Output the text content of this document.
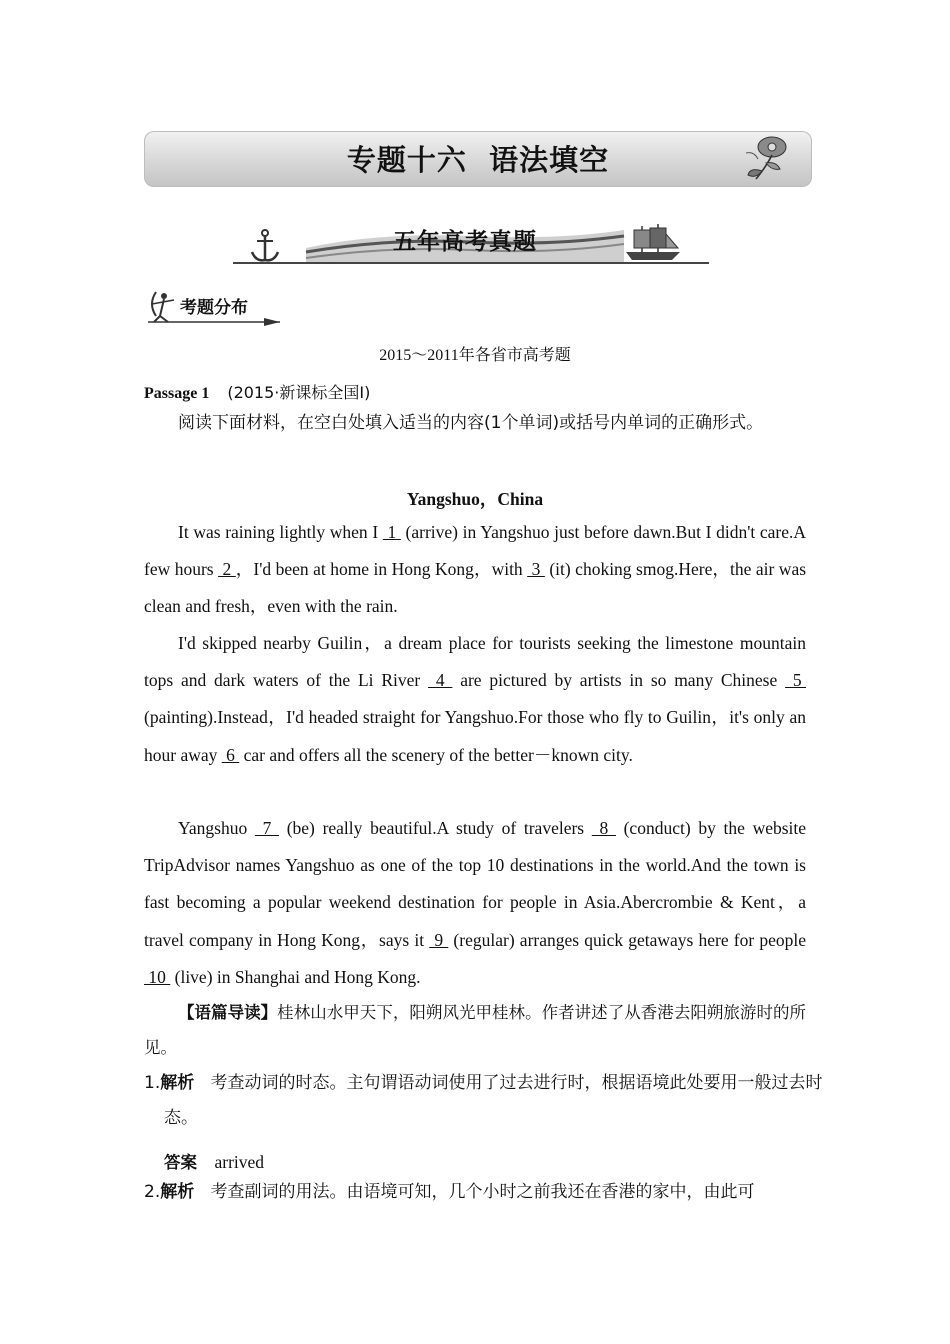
专题十六  语法填空
五年高考真题
考题分布
2015～2011年各省市高考题
Passage 1 (2015·新课标全国Ⅰ)
阅读下面材料，在空白处填入适当的内容(1个单词)或括号内单词的正确形式。
Yangshuo，China
It was raining lightly when I  1  (arrive) in Yangshuo just before dawn.But I didn't care.A few hours  2 ，I'd been at home in Hong Kong，with  3  (it) choking smog.Here，the air was clean and fresh，even with the rain.
I'd skipped nearby Guilin，a dream place for tourists seeking the limestone mountain tops and dark waters of the Li River  4  are pictured by artists in so many Chinese  5  (painting).Instead，I'd headed straight for Yangshuo.For those who fly to Guilin，it's only an hour away  6  car and offers all the scenery of the better－known city.
Yangshuo  7  (be) really beautiful.A study of travelers  8  (conduct) by the website TripAdvisor names Yangshuo as one of the top 10 destinations in the world.And the town is fast becoming a popular weekend destination for people in Asia.Abercrombie & Kent，a travel company in Hong Kong，says it  9  (regular) arranges quick getaways here for people  10  (live) in Shanghai and Hong Kong.
【语篇导读】桂林山水甲天下，阳朔风光甲桂林。作者讲述了从香港去阳朔旅游时的所见。
1.解析 考查动词的时态。主句谓语动词使用了过去进行时，根据语境此处要用一般过去时态。
答案 arrived
2.解析 考查副词的用法。由语境可知，几个小时之前我还在香港的家中，由此可
